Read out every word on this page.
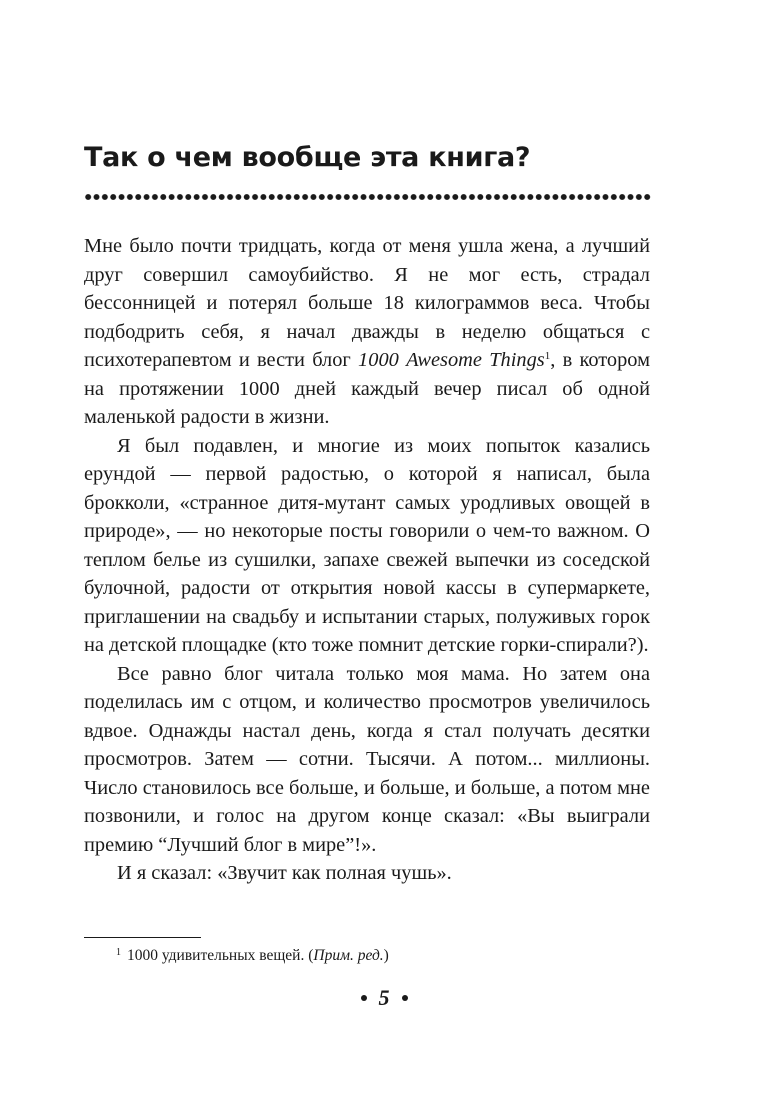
Так о чем вообще эта книга?

Мне было почти тридцать, когда от меня ушла жена, а лучший друг совершил самоубийство. Я не мог есть, страдал бессонницей и потерял больше 18 килограммов веса. Чтобы подбодрить себя, я начал дважды в неделю общаться с психотерапевтом и вести блог 1000 Awesome Things$^1$, в котором на протяжении 1000 дней каждый вечер писал об одной маленькой радости в жизни.

Я был подавлен, и многие из моих попыток казались ерундой — первой радостью, о которой я написал, была брокколи, «странное дитя-мутант самых уродливых овощей в природе», — но некоторые посты говорили о чем-то важном. О теплом белье из сушилки, запахе свежей выпечки из соседской булочной, радости от открытия новой кассы в супермаркете, приглашении на свадьбу и испытании старых, полуживых горок на детской площадке (кто тоже помнит детские горки-спирали?).

Все равно блог читала только моя мама. Но затем она поделилась им с отцом, и количество просмотров увеличилось вдвое. Однажды настал день, когда я стал получать десятки просмотров. Затем — сотни. Тысячи. А потом... миллионы. Число становилось все больше, и больше, и больше, а потом мне позвонили, и голос на другом конце сказал: «Вы выиграли премию “Лучший блог в мире”!».

И я сказал: «Звучит как полная чушь».

$^1$ 1000 удивительных вещей. (Прим. ред.)
5
